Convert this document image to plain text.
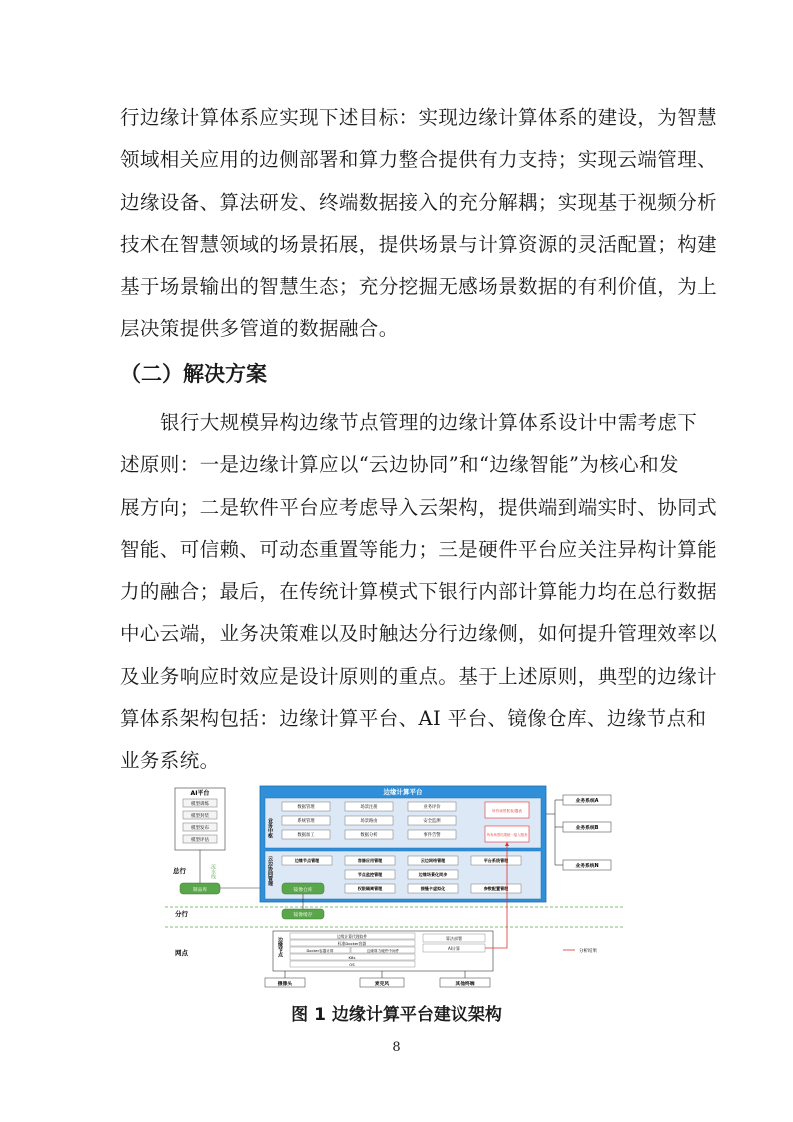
行边缘计算体系应实现下述目标：实现边缘计算体系的建设，为智慧
领域相关应用的边侧部署和算力整合提供有力支持；实现云端管理、
边缘设备、算法研发、终端数据接入的充分解耦；实现基于视频分析
技术在智慧领域的场景拓展，提供场景与计算资源的灵活配置；构建
基于场景输出的智慧生态；充分挖掘无感场景数据的有利价值，为上
层决策提供多管道的数据融合。
（二）解决方案
银行大规模异构边缘节点管理的边缘计算体系设计中需考虑下
述原则：一是边缘计算应以“云边协同”和“边缘智能”为核心和发
展方向；二是软件平台应考虑导入云架构，提供端到端实时、协同式
智能、可信赖、可动态重置等能力；三是硬件平台应关注异构计算能
力的融合；最后，在传统计算模式下银行内部计算能力均在总行数据
中心云端，业务决策难以及时触达分行边缘侧，如何提升管理效率以
及业务响应时效应是设计原则的重点。基于上述原则，典型的边缘计
算体系架构包括：边缘计算平台、AI 平台、镜像仓库、边缘节点和
业务系统。
总行
分行
网点
AI平台
模型训练
模型封装
模型发布
模型评估
制品库
流水线
边缘计算平台
业务中枢
数据管理	场景注册	业务评价
系统管理	场景路由	安全监测
数据加工	数据分析	事件告警
所有场景报表/器表
所有场景结果统一接入服务
云边协同管理	边缘节点管理	容器应用管理	云边网络管理	平台系统管理
节点监控管理	边缘场景化同步
权限隔离管理	接缝卡虚拟化	参数配置管理
镜像仓库
镜像缓存
边缘节点
边缘计算代理软件
标准Docker容器
Docker容器计算	边缘算力硬件中间件
K8s
OS
算法部署
AI计算
摄像头	麦克风	其他终端
业务系统A
业务系统B
业务系统N
分析结果
图 1 边缘计算平台建议架构
8
